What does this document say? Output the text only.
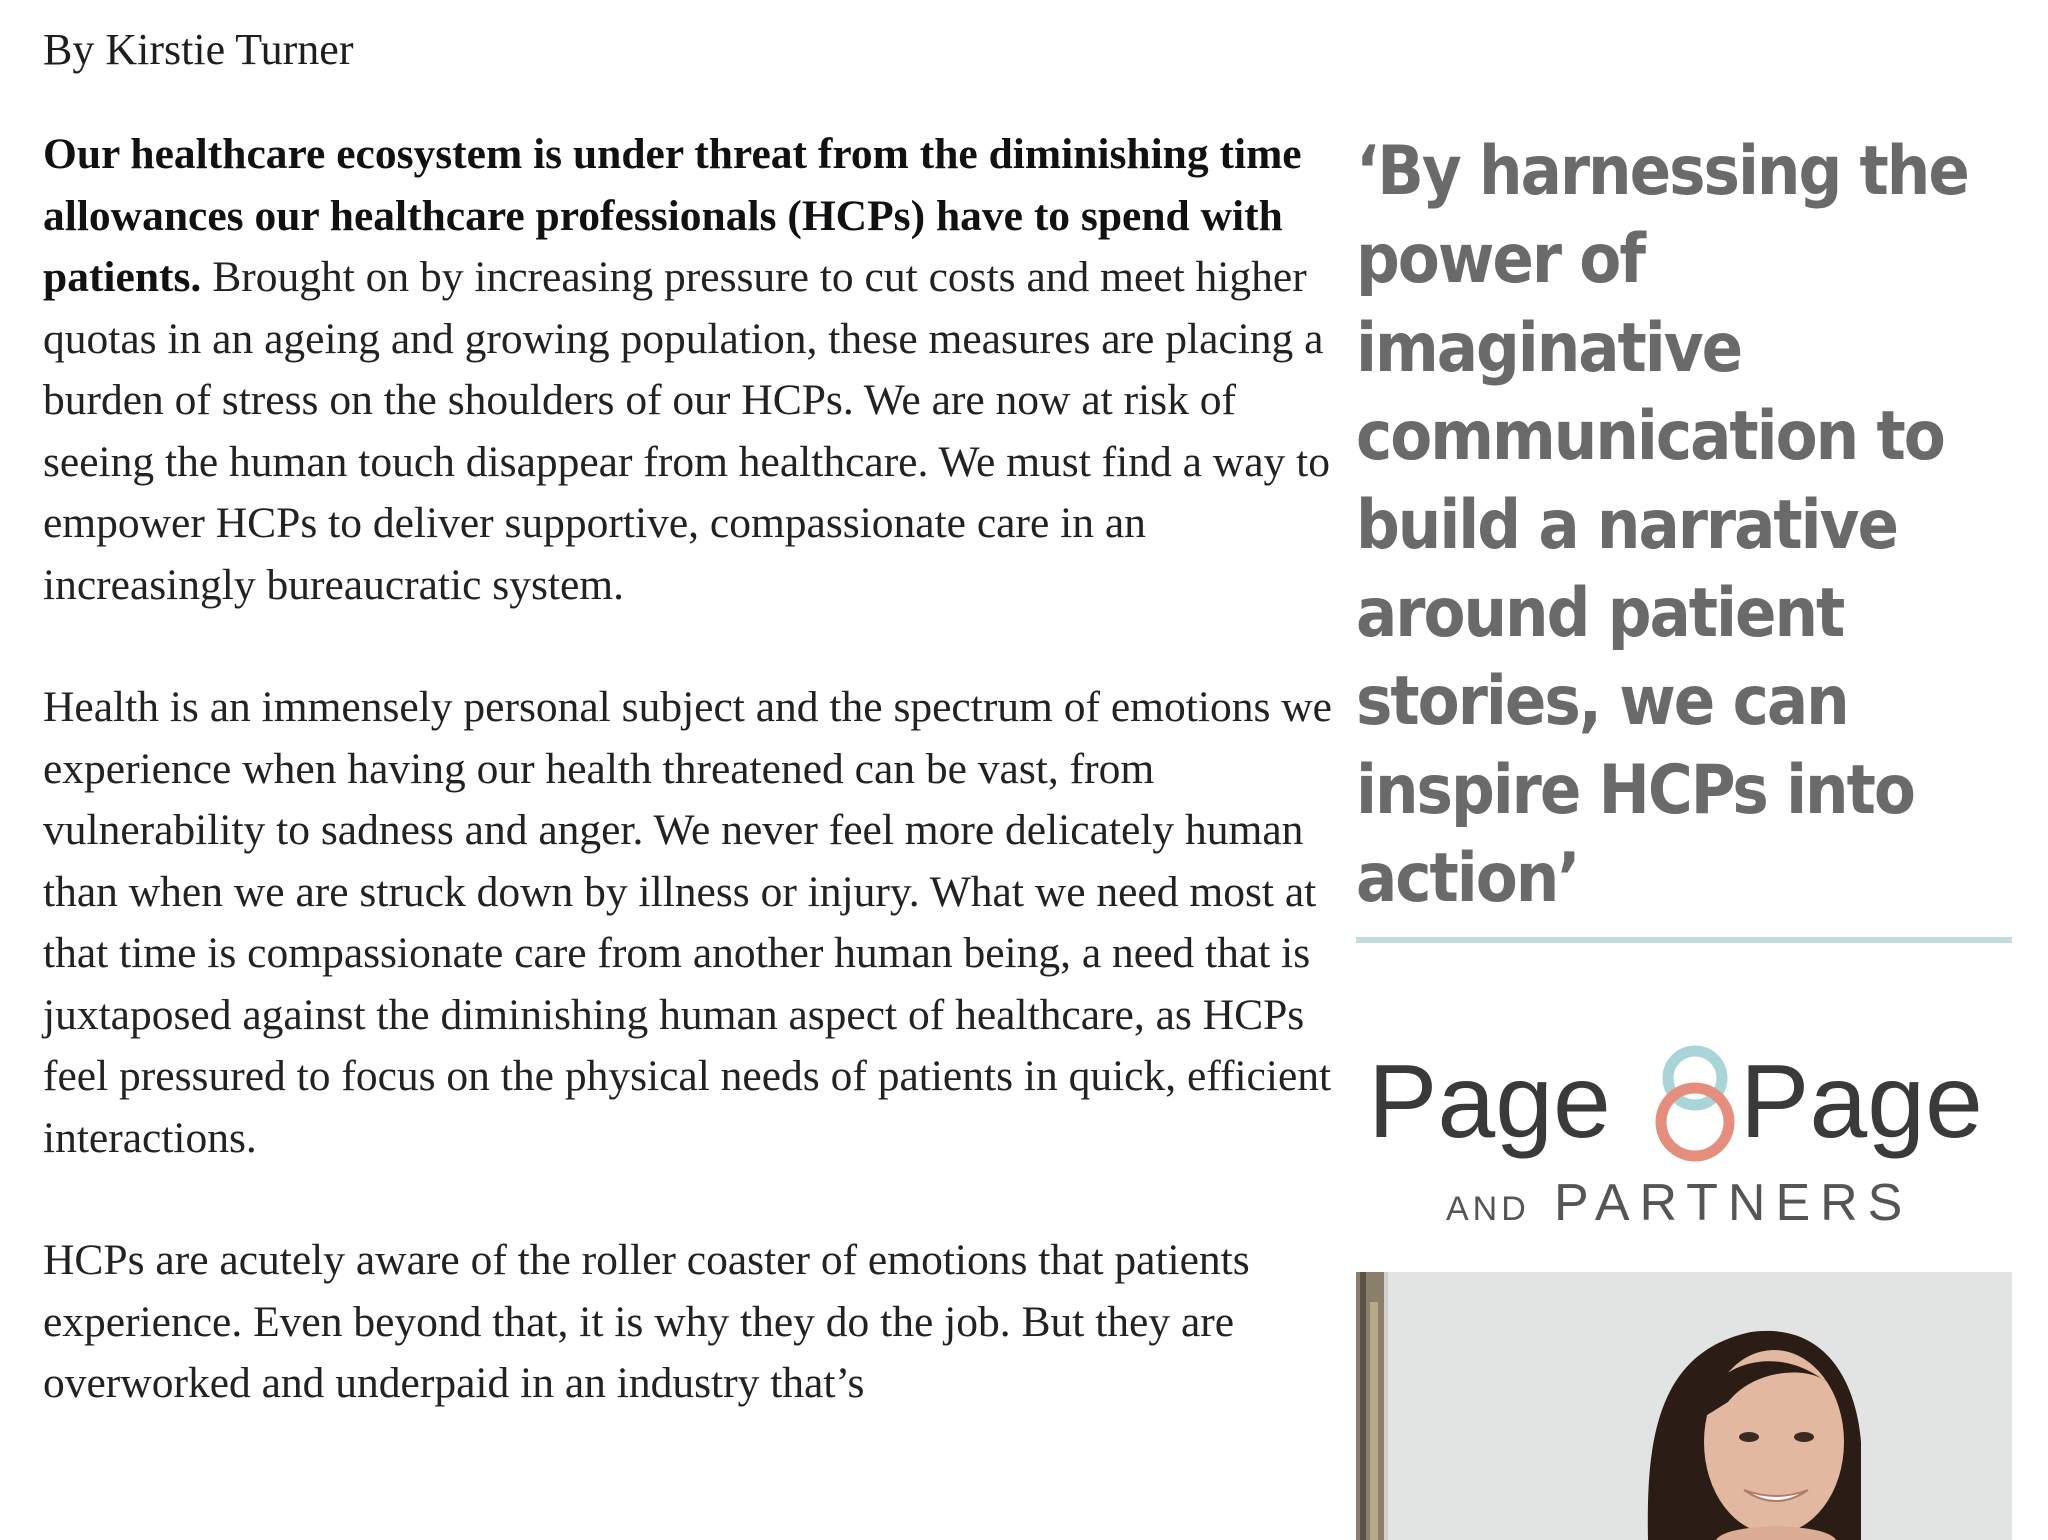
By Kirstie Turner

Our healthcare ecosystem is under threat from the diminishing time allowances our healthcare professionals (HCPs) have to spend with patients. Brought on by increasing pressure to cut costs and meet higher quotas in an ageing and growing population, these measures are placing a burden of stress on the shoulders of our HCPs. We are now at risk of seeing the human touch disappear from healthcare. We must find a way to empower HCPs to deliver supportive, compassionate care in an increasingly bureaucratic system.

Health is an immensely personal subject and the spectrum of emotions we experience when having our health threatened can be vast, from vulnerability to sadness and anger. We never feel more delicately human than when we are struck down by illness or injury. What we need most at that time is compassionate care from another human being, a need that is juxtaposed against the diminishing human aspect of healthcare, as HCPs feel pressured to focus on the physical needs of patients in quick, efficient interactions.

HCPs are acutely aware of the roller coaster of emotions that patients experience. Even beyond that, it is why they do the job. But they are overworked and underpaid in an industry that’s

‘By harnessing the power of imaginative communication to build a narrative around patient stories, we can inspire HCPs into action’
Page Page
AND PARTNERS
